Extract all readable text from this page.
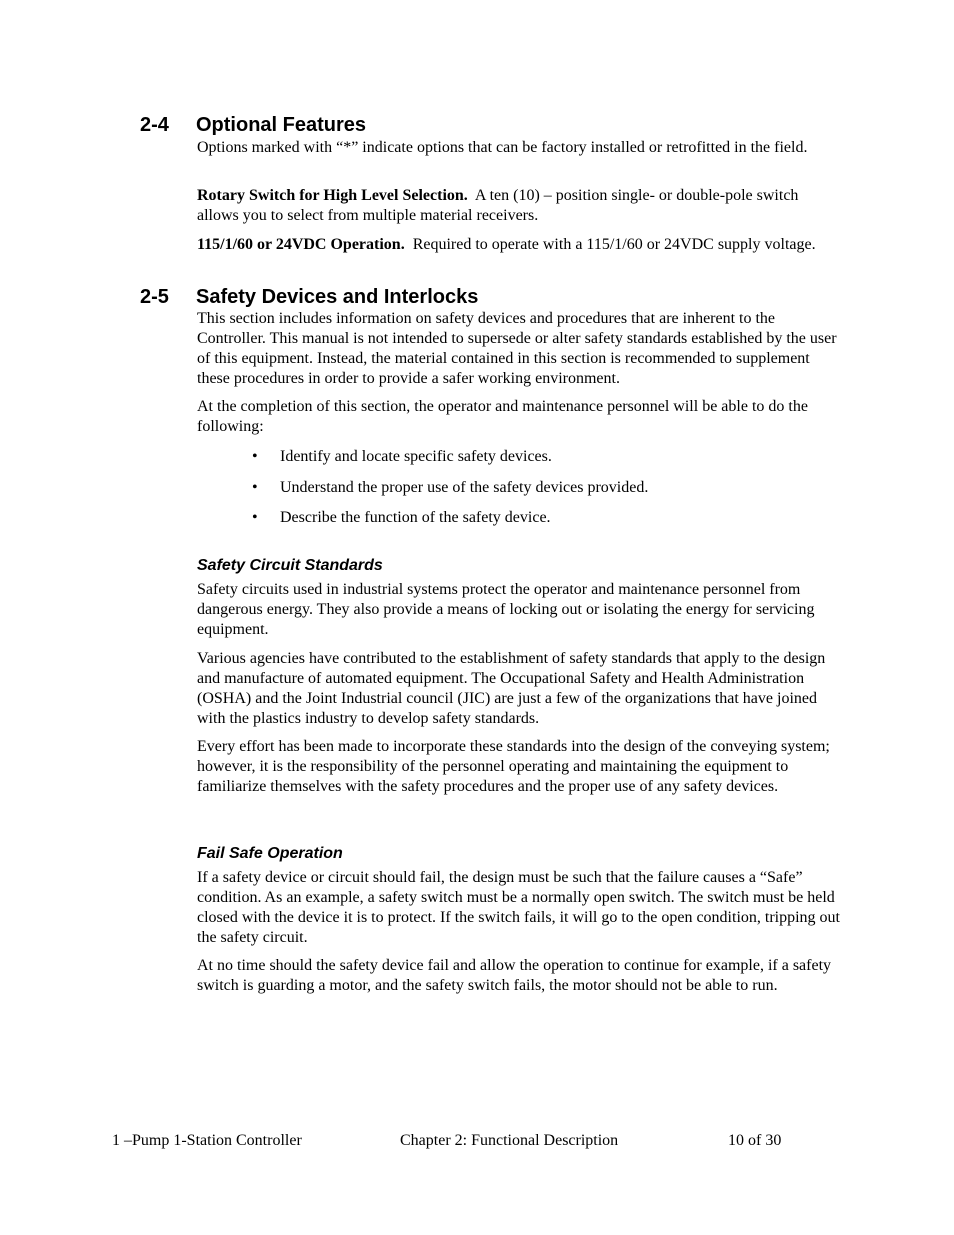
2-4 Optional Features

Options marked with “*” indicate options that can be factory installed or retrofitted in the field.

Rotary Switch for High Level Selection. A ten (10) – position single- or double-pole switch allows you to select from multiple material receivers.

115/1/60 or 24VDC Operation. Required to operate with a 115/1/60 or 24VDC supply voltage.

2-5 Safety Devices and Interlocks

This section includes information on safety devices and procedures that are inherent to the Controller. This manual is not intended to supersede or alter safety standards established by the user of this equipment. Instead, the material contained in this section is recommended to supplement these procedures in order to provide a safer working environment.

At the completion of this section, the operator and maintenance personnel will be able to do the following:

• Identify and locate specific safety devices.

• Understand the proper use of the safety devices provided.

• Describe the function of the safety device.

Safety Circuit Standards

Safety circuits used in industrial systems protect the operator and maintenance personnel from dangerous energy. They also provide a means of locking out or isolating the energy for servicing equipment.

Various agencies have contributed to the establishment of safety standards that apply to the design and manufacture of automated equipment. The Occupational Safety and Health Administration (OSHA) and the Joint Industrial council (JIC) are just a few of the organizations that have joined with the plastics industry to develop safety standards.

Every effort has been made to incorporate these standards into the design of the conveying system; however, it is the responsibility of the personnel operating and maintaining the equipment to familiarize themselves with the safety procedures and the proper use of any safety devices.

Fail Safe Operation

If a safety device or circuit should fail, the design must be such that the failure causes a “Safe” condition. As an example, a safety switch must be a normally open switch. The switch must be held closed with the device it is to protect. If the switch fails, it will go to the open condition, tripping out the safety circuit.

At no time should the safety device fail and allow the operation to continue for example, if a safety switch is guarding a motor, and the safety switch fails, the motor should not be able to run.

1 –Pump 1-Station Controller	Chapter 2: Functional Description	10 of 30
